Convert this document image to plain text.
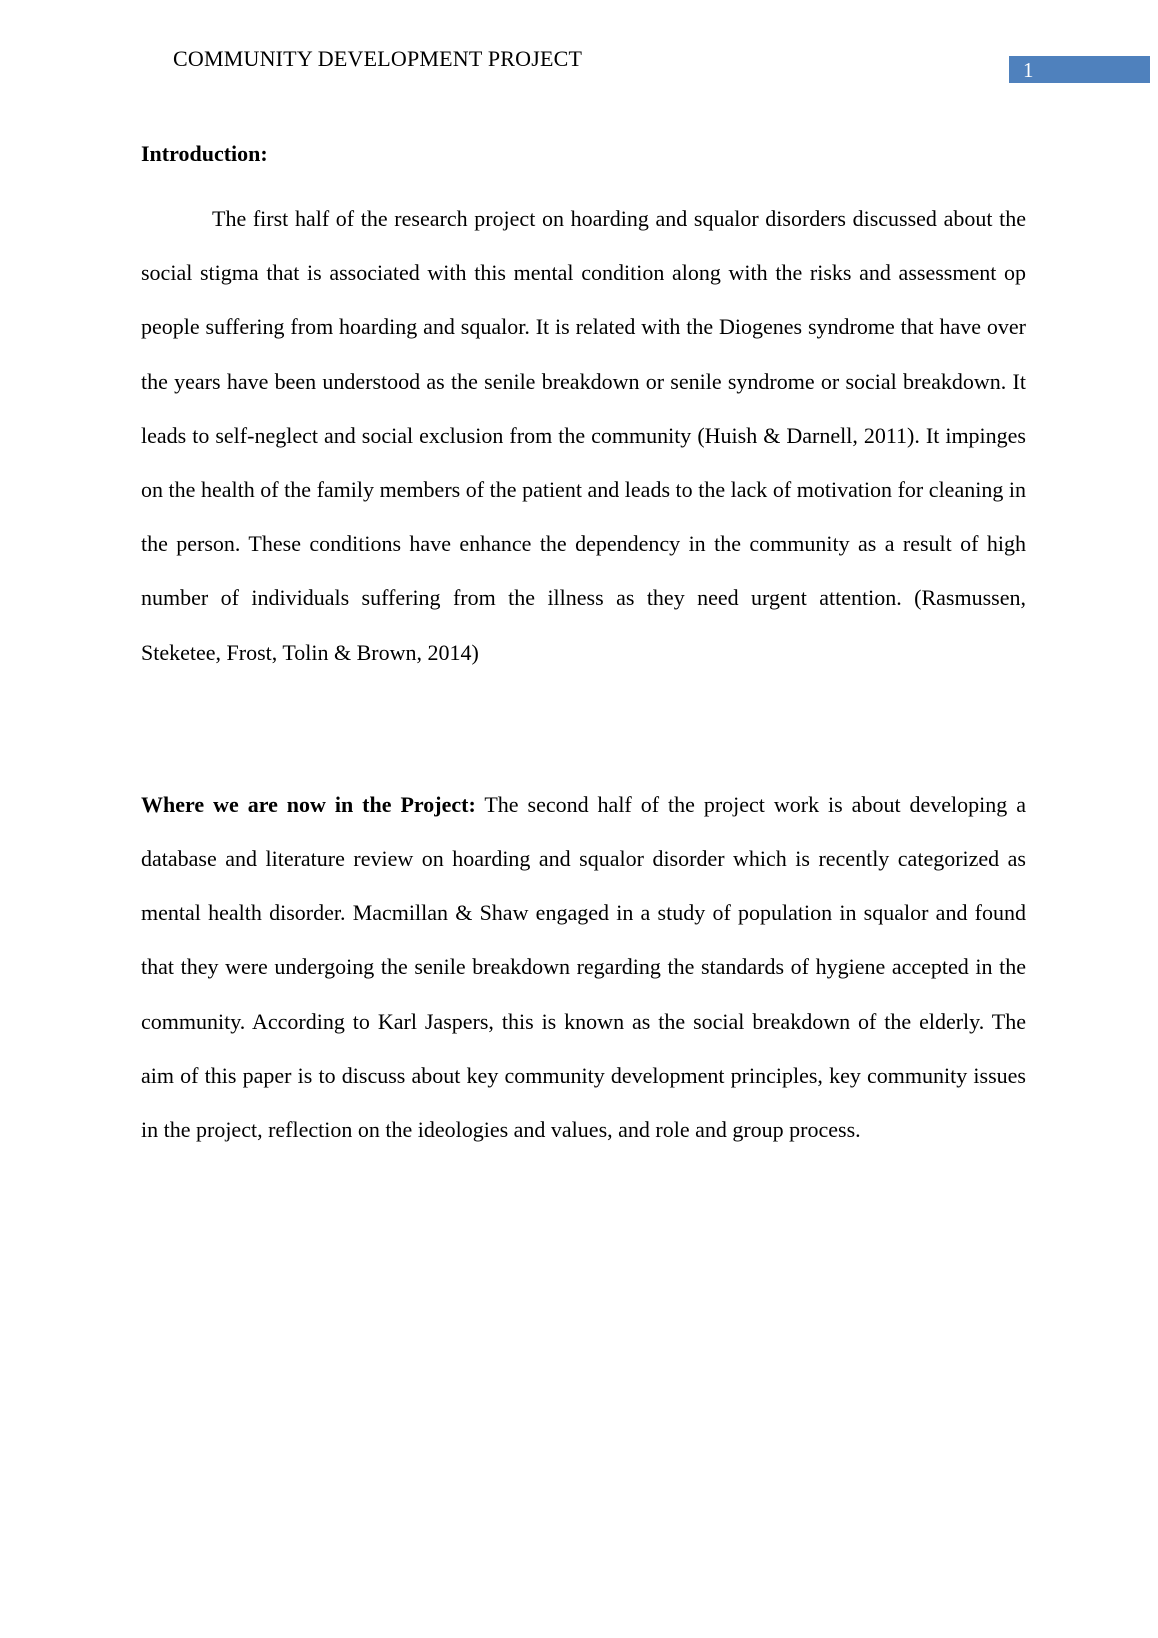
COMMUNITY DEVELOPMENT PROJECT	1
Introduction:

The first half of the research project on hoarding and squalor disorders discussed about the social stigma that is associated with this mental condition along with the risks and assessment op people suffering from hoarding and squalor. It is related with the Diogenes syndrome that have over the years have been understood as the senile breakdown or senile syndrome or social breakdown. It leads to self-neglect and social exclusion from the community (Huish & Darnell, 2011). It impinges on the health of the family members of the patient and leads to the lack of motivation for cleaning in the person. These conditions have enhance the dependency in the community as a result of high number of individuals suffering from the illness as they need urgent attention. (Rasmussen, Steketee, Frost, Tolin & Brown, 2014)

Where we are now in the Project: The second half of the project work is about developing a database and literature review on hoarding and squalor disorder which is recently categorized as mental health disorder. Macmillan & Shaw engaged in a study of population in squalor and found that they were undergoing the senile breakdown regarding the standards of hygiene accepted in the community. According to Karl Jaspers, this is known as the social breakdown of the elderly. The aim of this paper is to discuss about key community development principles, key community issues in the project, reflection on the ideologies and values, and role and group process.
